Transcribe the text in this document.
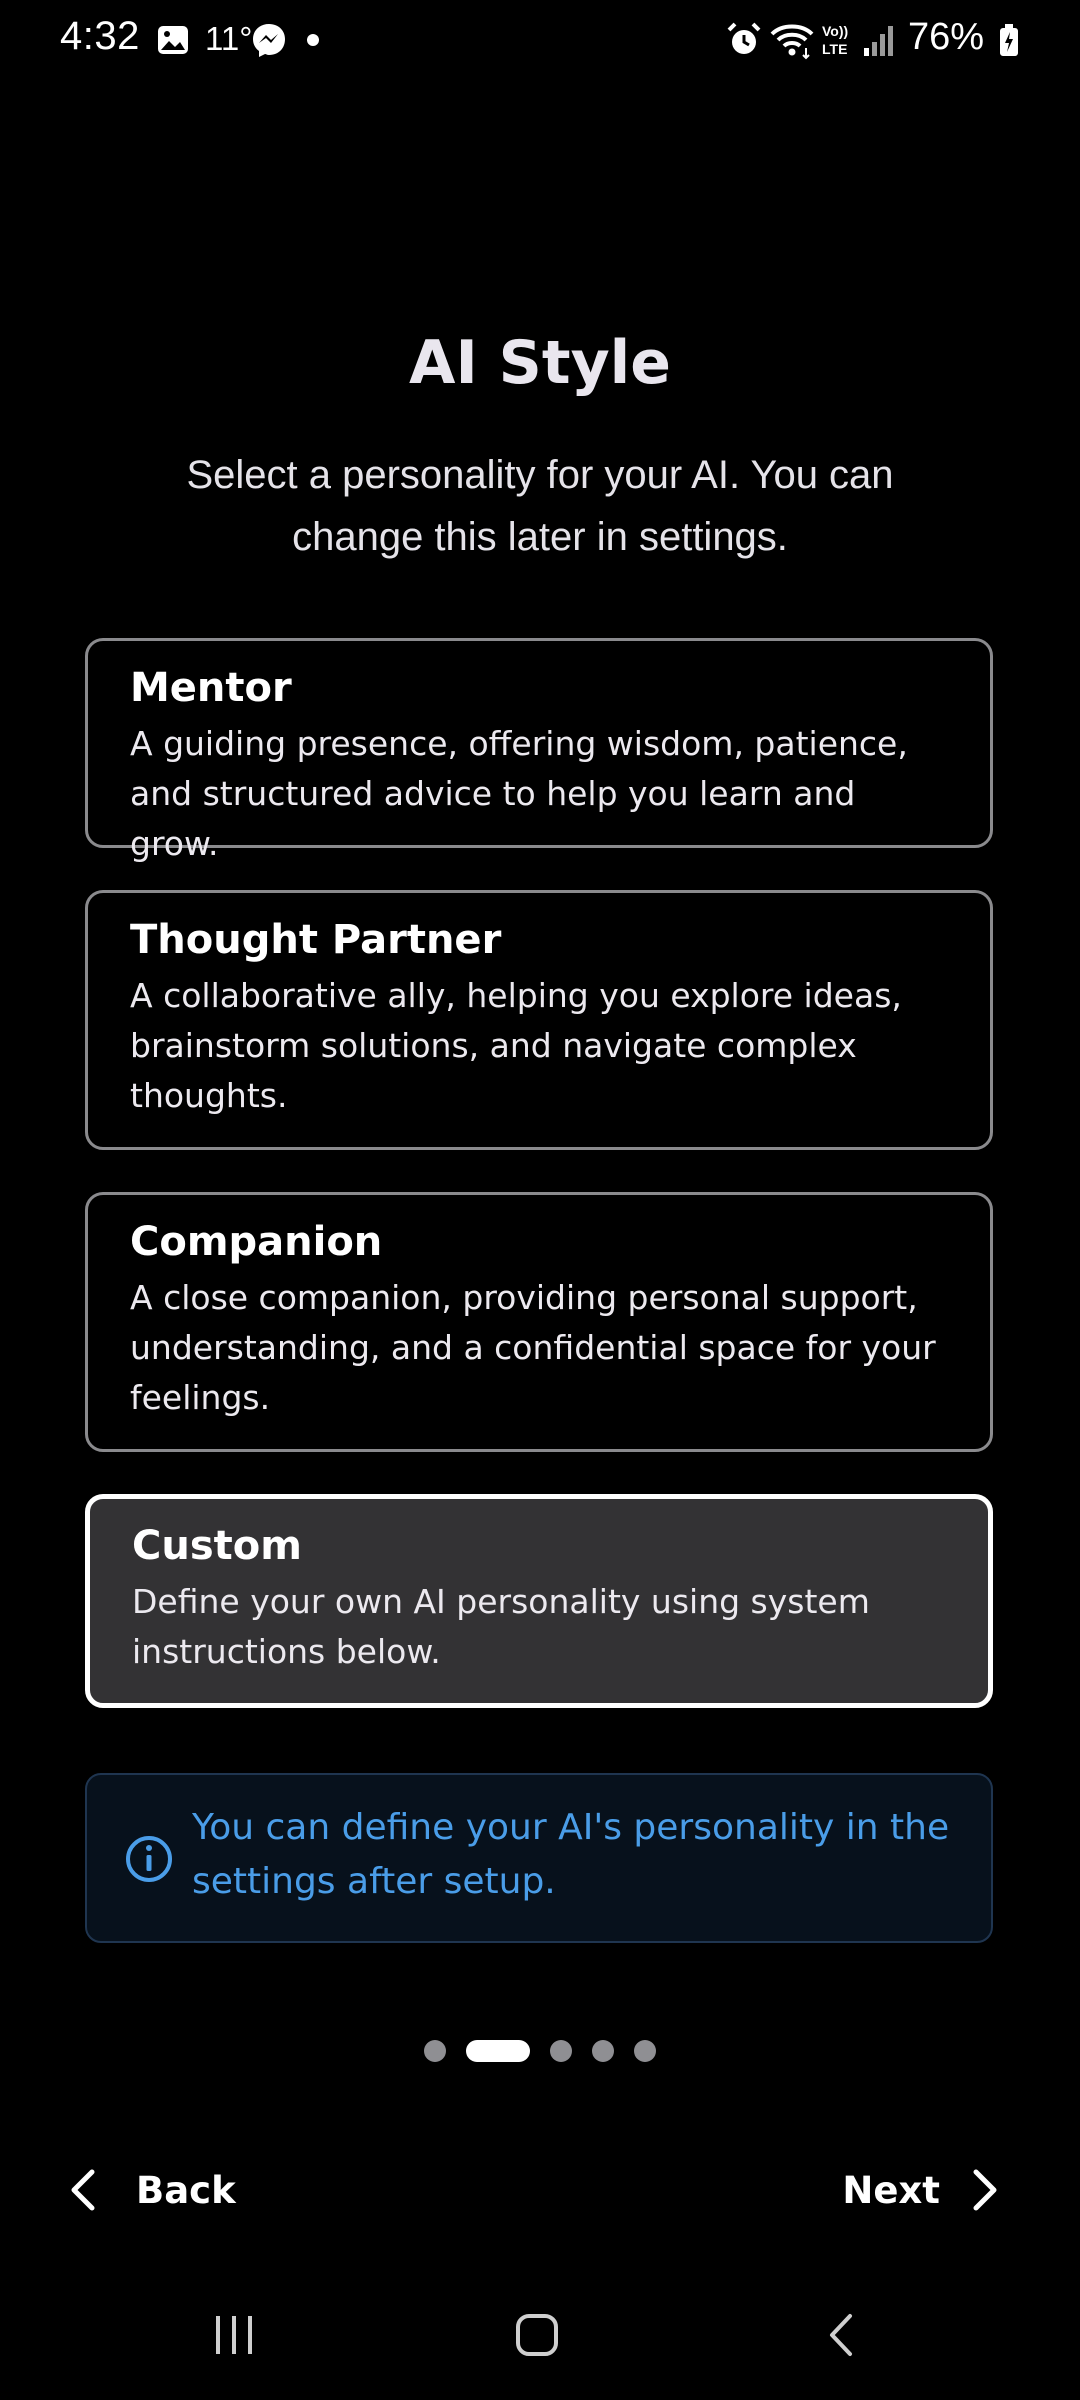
4:32 11°	Vo))
LTE 76%
AI Style
Select a personality for your AI. You can change this later in settings.
Mentor
A guiding presence, offering wisdom, patience, and structured advice to help you learn and grow.
Thought Partner
A collaborative ally, helping you explore ideas, brainstorm solutions, and navigate complex thoughts.
Companion
A close companion, providing personal support, understanding, and a confidential space for your feelings.
Custom
Define your own AI personality using system instructions below.
You can define your AI's personality in the settings after setup.
Back	Next
